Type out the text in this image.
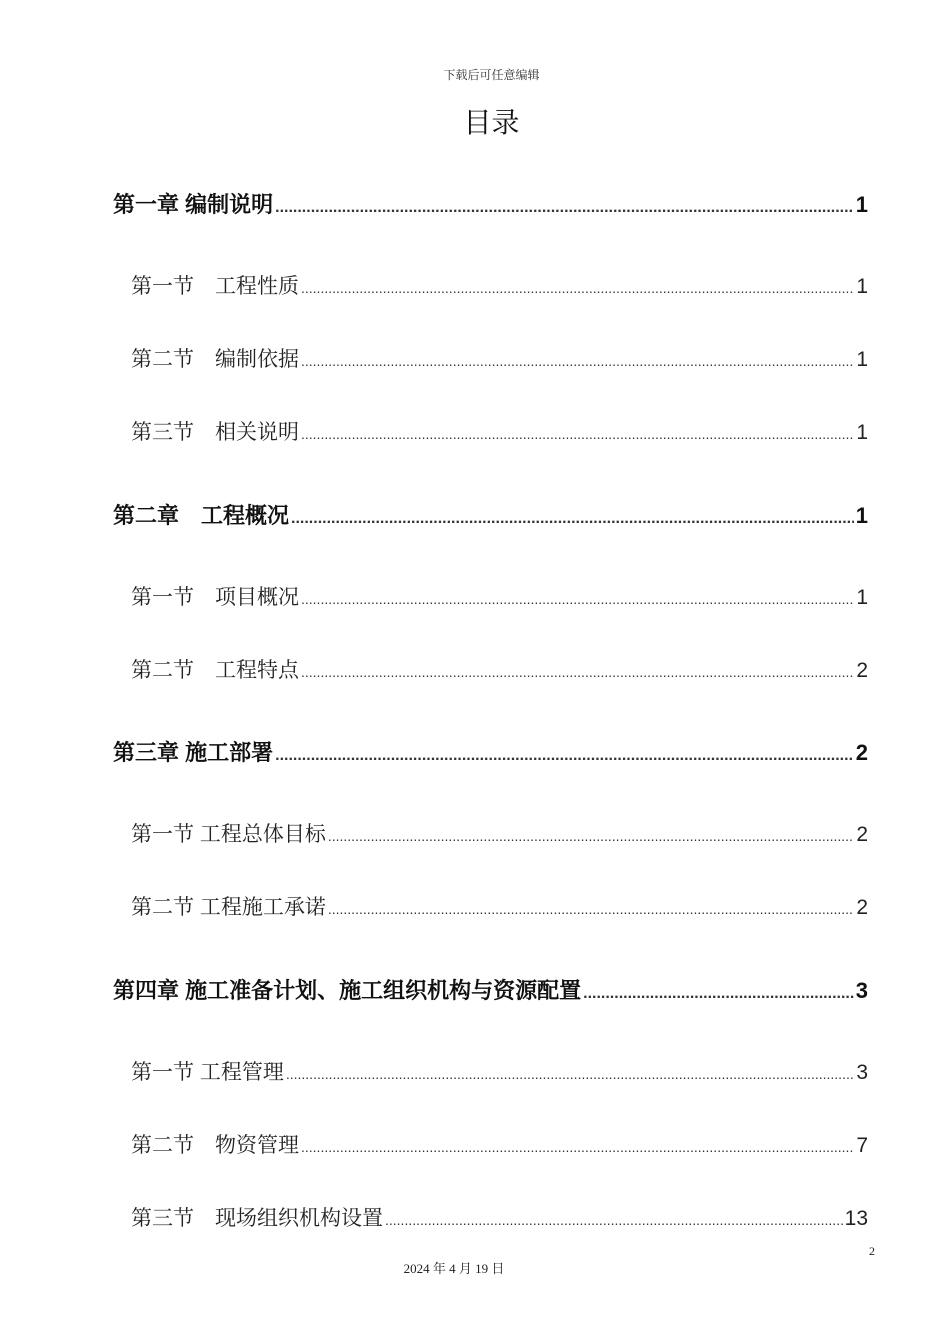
下载后可任意编辑
目录
第一章 编制说明 .....	1
第一节　工程性质 .....	1
第二节　编制依据 .....	1
第三节　相关说明 .....	1
第二章　工程概况 .....	1
第一节　项目概况 .....	1
第二节　工程特点 .....	2
第三章 施工部署 .....	2
第一节 工程总体目标 .....	2
第二节 工程施工承诺 .....	2
第四章 施工准备计划、施工组织机构与资源配置 .....	3
第一节 工程管理 .....	3
第二节　物资管理 .....	7
第三节　现场组织机构设置 .....	13
2
2024 年 4 月 19 日
